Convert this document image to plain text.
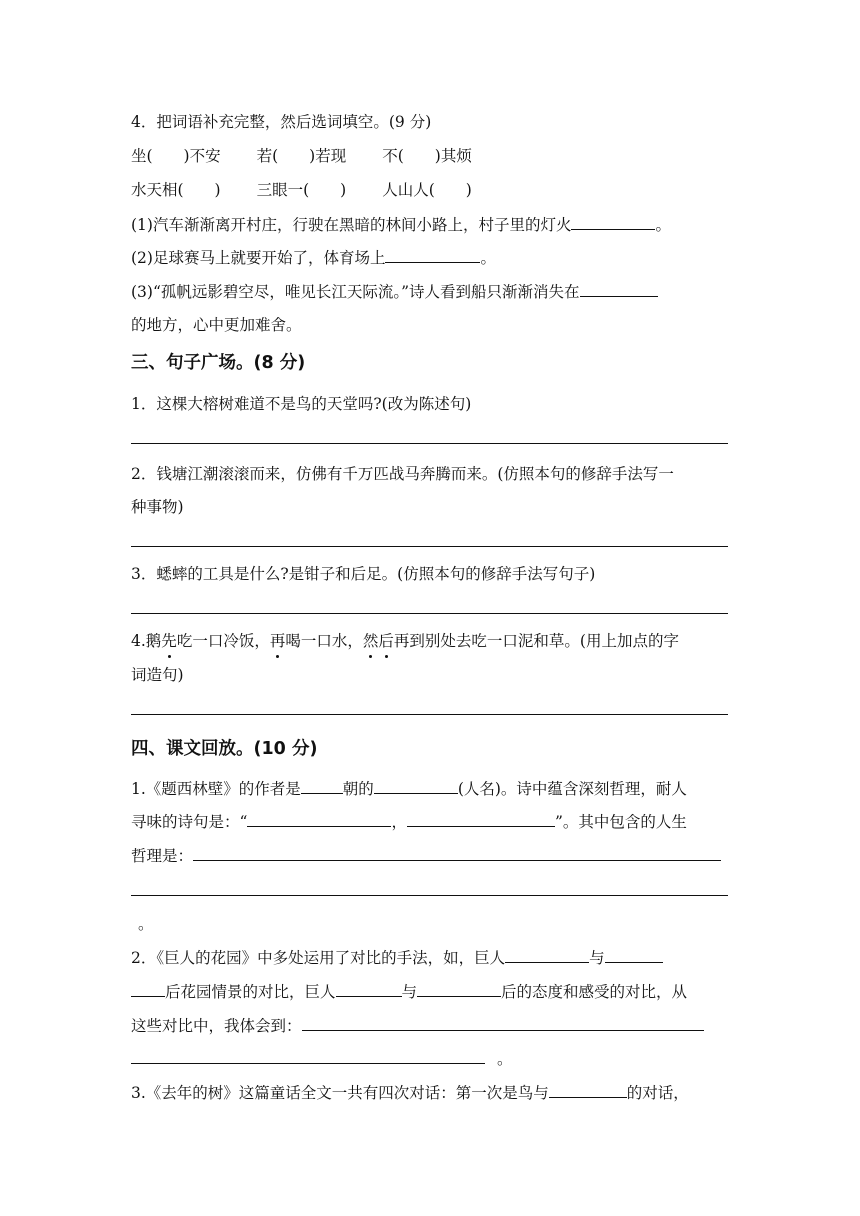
4．把词语补充完整，然后选词填空。(9 分)
坐(　　)不安 若(　　)若现 不(　　)其烦
水天相(　　) 三眼一(　　) 人山人(　　)
(1)汽车渐渐离开村庄，行驶在黑暗的林间小路上，村子里的灯火	。
(2)足球赛马上就要开始了，体育场上	。
(3)“孤帆远影碧空尽，唯见长江天际流。”诗人看到船只渐渐消失在
的地方，心中更加难舍。
三、句子广场。(8 分)
1．这棵大榕树难道不是鸟的天堂吗?(改为陈述句)
2．钱塘江潮滚滚而来，仿佛有千万匹战马奔腾而来。(仿照本句的修辞手法写一
种事物)
3．蟋蟀的工具是什么?是钳子和后足。(仿照本句的修辞手法写句子)
4.鹅先吃一口冷饭，再喝一口水，然后再到别处去吃一口泥和草。(用上加点的字
词造句)
四、课文回放。(10 分)
1.《题西林壁》的作者是	朝的	(人名)。诗中蕴含深刻哲理，耐人
寻味的诗句是：“	，	”。其中包含的人生
哲理是：
。
2．《巨人的花园》中多处运用了对比的手法，如，巨人	与
后花园情景的对比，巨人	与	后的态度和感受的对比，从
这些对比中，我体会到：
。
3.《去年的树》这篇童话全文一共有四次对话：第一次是鸟与	的对话，
